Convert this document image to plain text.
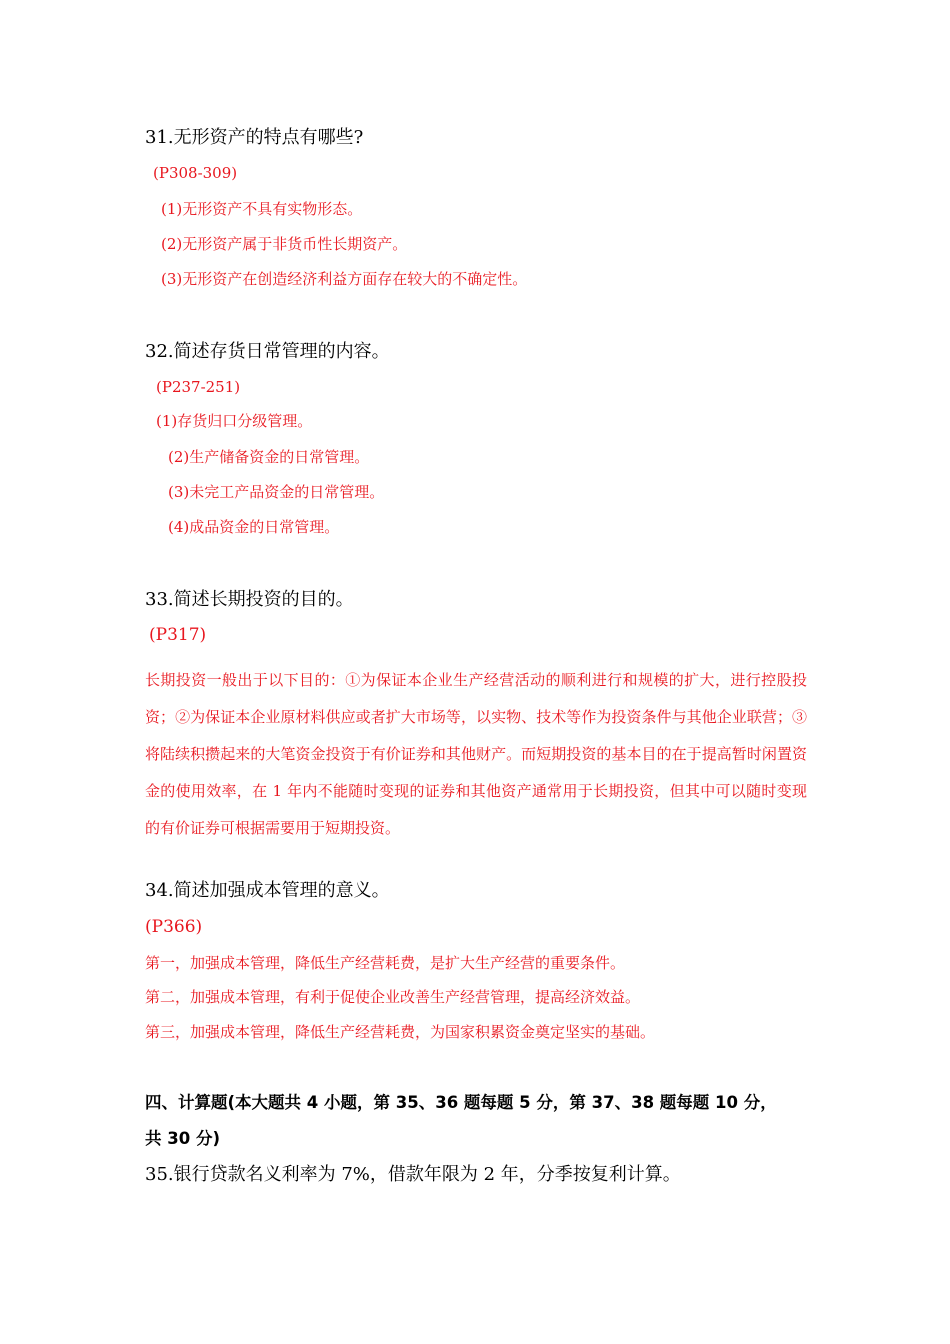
31.无形资产的特点有哪些?
(P308-309)
(1)无形资产不具有实物形态。
(2)无形资产属于非货币性长期资产。
(3)无形资产在创造经济利益方面存在较大的不确定性。
32.简述存货日常管理的内容。
(P237-251)
(1)存货归口分级管理。
(2)生产储备资金的日常管理。
(3)未完工产品资金的日常管理。
(4)成品资金的日常管理。
33.简述长期投资的目的。
(P317)
长期投资一般出于以下目的：①为保证本企业生产经营活动的顺利进行和规模的扩大，进行控股投资；②为保证本企业原材料供应或者扩大市场等，以实物、技术等作为投资条件与其他企业联营；③将陆续积攒起来的大笔资金投资于有价证券和其他财产。而短期投资的基本目的在于提高暂时闲置资金的使用效率，在 1 年内不能随时变现的证券和其他资产通常用于长期投资，但其中可以随时变现的有价证券可根据需要用于短期投资。
34.简述加强成本管理的意义。
(P366)
第一，加强成本管理，降低生产经营耗费，是扩大生产经营的重要条件。
第二，加强成本管理，有利于促使企业改善生产经营管理，提高经济效益。
第三，加强成本管理，降低生产经营耗费，为国家积累资金奠定坚实的基础。
四、计算题(本大题共 4 小题，第 35、36 题每题 5 分，第 37、38 题每题 10 分，
共 30 分)
35.银行贷款名义利率为 7%，借款年限为 2 年，分季按复利计算。
